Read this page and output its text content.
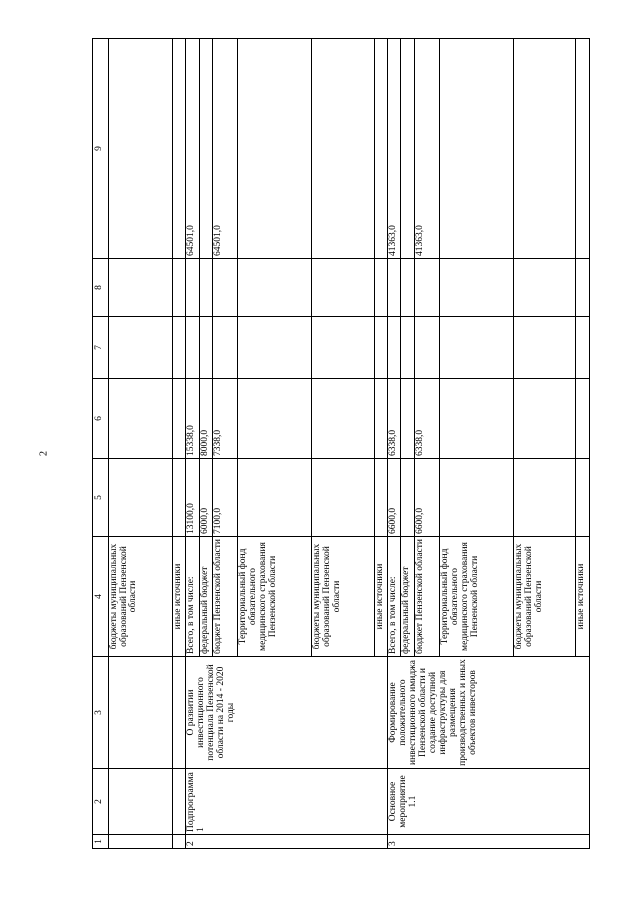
2
1	2	3	4	5	6	7	8	9
			бюджеты муниципальных образований Пензенской области					
			иные источники					
2	Подпрограмма 1	О развитии инвестиционного потенциала Пензенской области на 2014 - 2020 годы	Всего, в том числе:	13100,0	15338,0			64501,0
			федеральный бюджет	6000,0	8000,0			
			бюджет Пензенской области	7100,0	7338,0			64501,0
			Территориальный фонд обязательного медицинского страхования Пензенской области					
			бюджеты муниципальных образований Пензенской области					
			иные источники					
3	Основное мероприятие 1.1	Формирование положительного инвестиционного имиджа Пензенской области и создание доступной инфраструктуры для размещения производственных и иных объектов инвесторов	Всего, в том числе:	6600,0	6338,0			41363,0
			федеральный бюджет					
			бюджет Пензенской области	6600,0	6338,0			41363,0
			Территориальный фонд обязательного медицинского страхования Пензенской области					
			бюджеты муниципальных образований Пензенской области					
			иные источники					
